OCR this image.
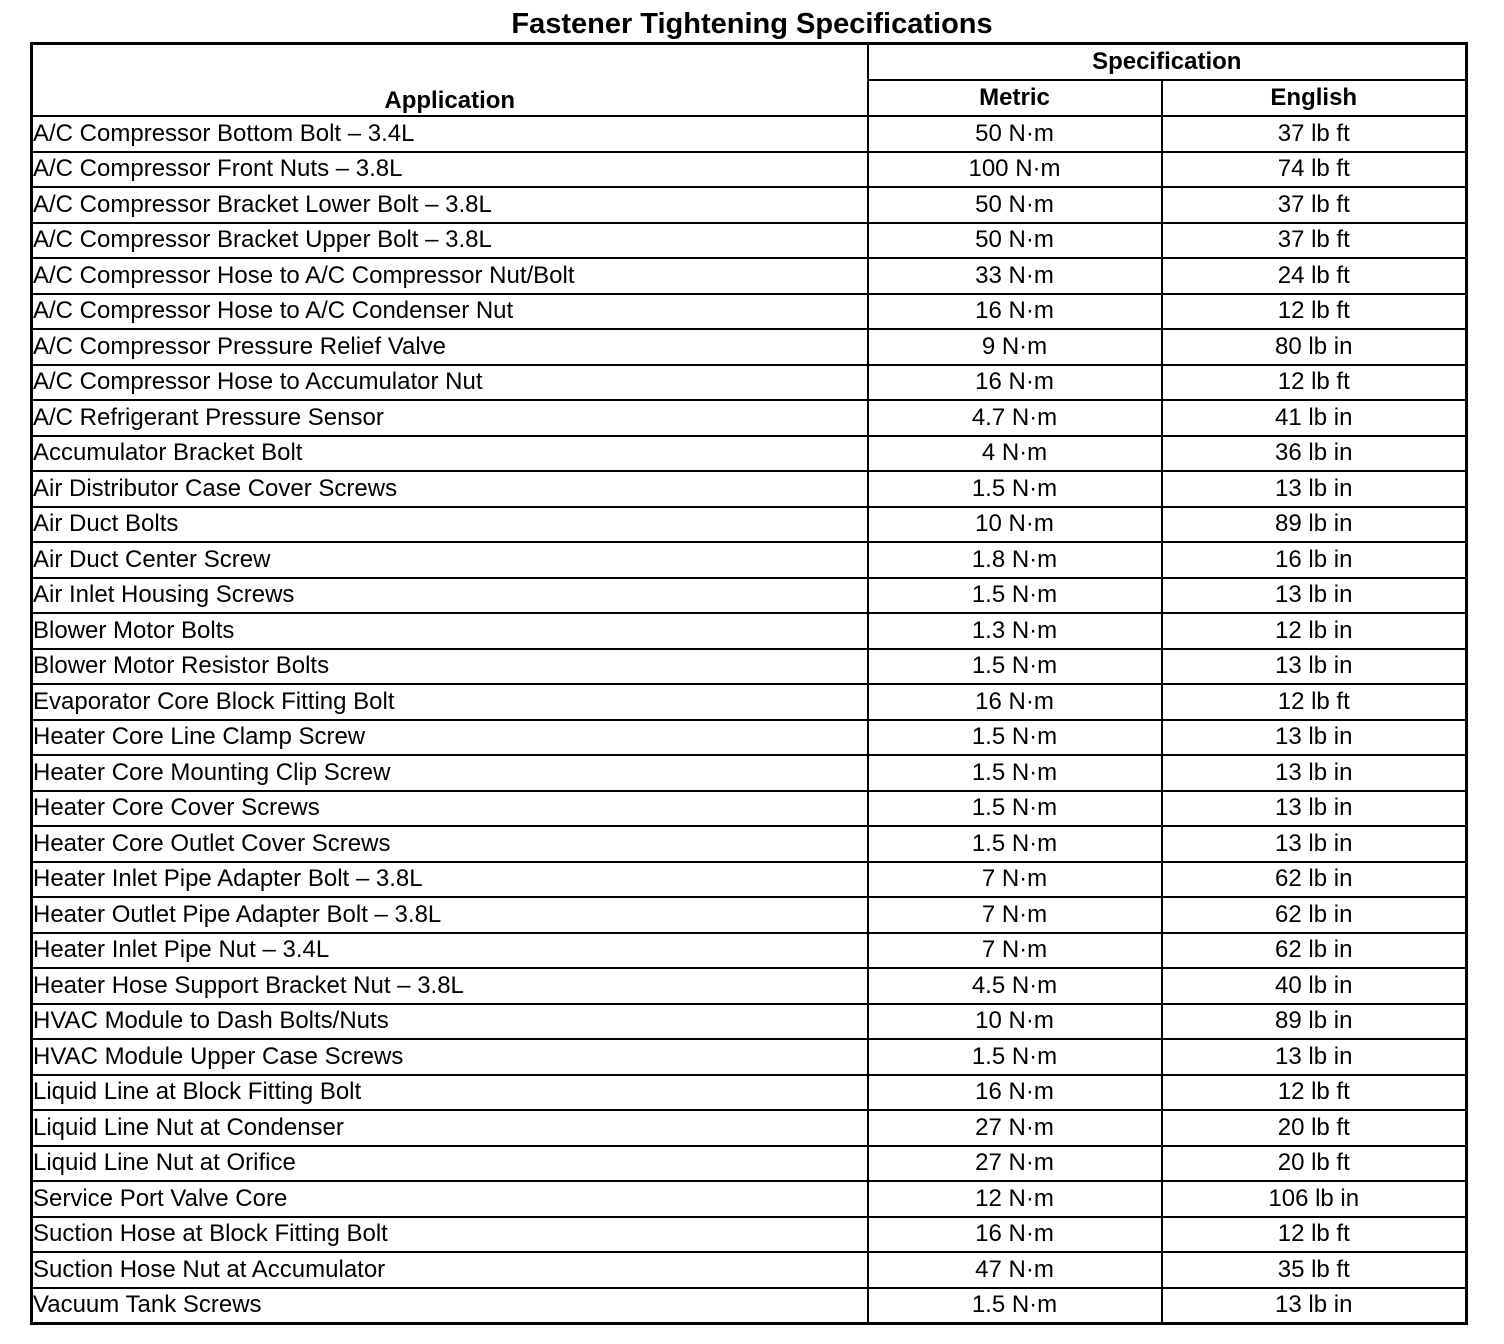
Fastener Tightening Specifications
Application	Specification	
	Metric	English
A/C Compressor Bottom Bolt – 3.4L	50 N·m	37 lb ft
A/C Compressor Front Nuts – 3.8L	100 N·m	74 lb ft
A/C Compressor Bracket Lower Bolt – 3.8L	50 N·m	37 lb ft
A/C Compressor Bracket Upper Bolt – 3.8L	50 N·m	37 lb ft
A/C Compressor Hose to A/C Compressor Nut/Bolt	33 N·m	24 lb ft
A/C Compressor Hose to A/C Condenser Nut	16 N·m	12 lb ft
A/C Compressor Pressure Relief Valve	9 N·m	80 lb in
A/C Compressor Hose to Accumulator Nut	16 N·m	12 lb ft
A/C Refrigerant Pressure Sensor	4.7 N·m	41 lb in
Accumulator Bracket Bolt	4 N·m	36 lb in
Air Distributor Case Cover Screws	1.5 N·m	13 lb in
Air Duct Bolts	10 N·m	89 lb in
Air Duct Center Screw	1.8 N·m	16 lb in
Air Inlet Housing Screws	1.5 N·m	13 lb in
Blower Motor Bolts	1.3 N·m	12 lb in
Blower Motor Resistor Bolts	1.5 N·m	13 lb in
Evaporator Core Block Fitting Bolt	16 N·m	12 lb ft
Heater Core Line Clamp Screw	1.5 N·m	13 lb in
Heater Core Mounting Clip Screw	1.5 N·m	13 lb in
Heater Core Cover Screws	1.5 N·m	13 lb in
Heater Core Outlet Cover Screws	1.5 N·m	13 lb in
Heater Inlet Pipe Adapter Bolt – 3.8L	7 N·m	62 lb in
Heater Outlet Pipe Adapter Bolt – 3.8L	7 N·m	62 lb in
Heater Inlet Pipe Nut – 3.4L	7 N·m	62 lb in
Heater Hose Support Bracket Nut – 3.8L	4.5 N·m	40 lb in
HVAC Module to Dash Bolts/Nuts	10 N·m	89 lb in
HVAC Module Upper Case Screws	1.5 N·m	13 lb in
Liquid Line at Block Fitting Bolt	16 N·m	12 lb ft
Liquid Line Nut at Condenser	27 N·m	20 lb ft
Liquid Line Nut at Orifice	27 N·m	20 lb ft
Service Port Valve Core	12 N·m	106 lb in
Suction Hose at Block Fitting Bolt	16 N·m	12 lb ft
Suction Hose Nut at Accumulator	47 N·m	35 lb ft
Vacuum Tank Screws	1.5 N·m	13 lb in
